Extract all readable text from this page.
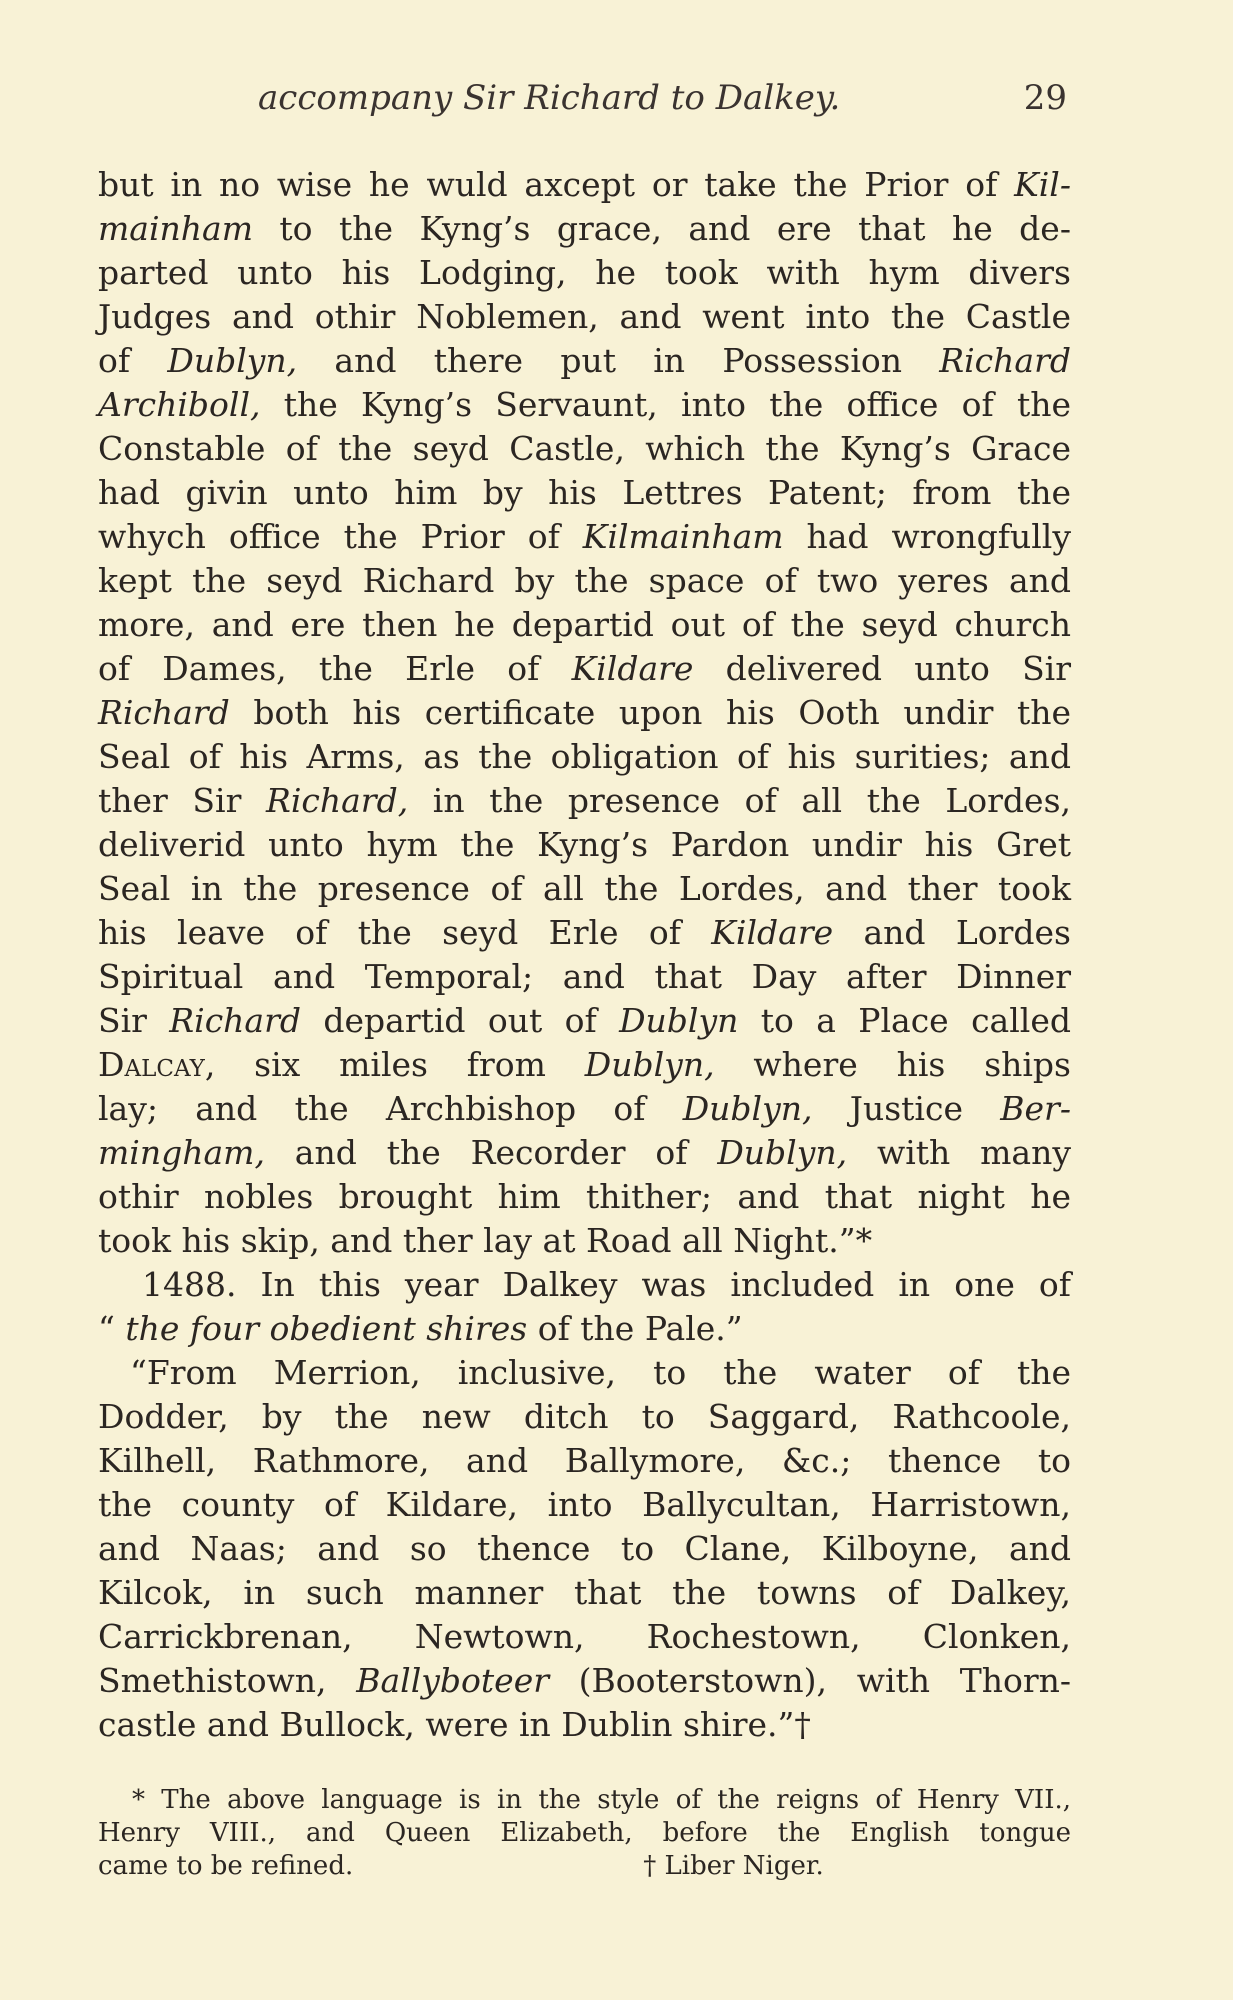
accompany Sir Richard to Dalkey.	29
but in no wise he wuld axcept or take the Prior of Kil-
mainham to the Kyng’s grace, and ere that he de-
parted unto his Lodging, he took with hym divers
Judges and othir Noblemen, and went into the Castle
of Dublyn, and there put in Possession Richard
Archiboll, the Kyng’s Servaunt, into the office of the
Constable of the seyd Castle, which the Kyng’s Grace
had givin unto him by his Lettres Patent; from the
whych office the Prior of Kilmainham had wrongfully
kept the seyd Richard by the space of two yeres and
more, and ere then he departid out of the seyd church
of Dames, the Erle of Kildare delivered unto Sir
Richard both his certificate upon his Ooth undir the
Seal of his Arms, as the obligation of his surities; and
ther Sir Richard, in the presence of all the Lordes,
deliverid unto hym the Kyng’s Pardon undir his Gret
Seal in the presence of all the Lordes, and ther took
his leave of the seyd Erle of Kildare and Lordes
Spiritual and Temporal; and that Day after Dinner
Sir Richard departid out of Dublyn to a Place called
Dalcay, six miles from Dublyn, where his ships
lay; and the Archbishop of Dublyn, Justice Ber-
mingham, and the Recorder of Dublyn, with many
othir nobles brought him thither; and that night he
took his skip, and ther lay at Road all Night.”*
1488. In this year Dalkey was included in one of
“ the four obedient shires of the Pale.”
“From Merrion, inclusive, to the water of the
Dodder, by the new ditch to Saggard, Rathcoole,
Kilhell, Rathmore, and Ballymore, &c.; thence to
the county of Kildare, into Ballycultan, Harristown,
and Naas; and so thence to Clane, Kilboyne, and
Kilcok, in such manner that the towns of Dalkey,
Carrickbrenan, Newtown, Rochestown, Clonken,
Smethistown, Ballyboteer (Booterstown), with Thorn-
castle and Bullock, were in Dublin shire.”†
* The above language is in the style of the reigns of Henry VII.,
Henry VIII., and Queen Elizabeth, before the English tongue
came to be refined.	† Liber Niger.
